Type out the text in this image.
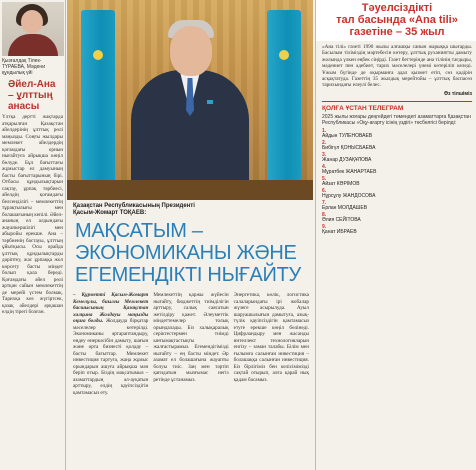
Қызғалдақ Тілек-ТҮРАЕВА, Мәдени құндылық үйі
Әйел-Ана – ұлттың анасы
Үлтқа дертті жақтарда атқарылған Қазақстан әйелдерінің ұлттық рөлі маңызды. Соңғы жылдары мемлекет әйелдердің қоғамдағы орнын нығайтуға айрықша көңіл бөлуде. Бұл бағыттағы жұмыстар ел дамуының басты бағыттарының бірі. Отбасы құндылықтарын сақтау, ұрпақ тәрбиесі, әйелдің қоғамдағы белсенділігі – мемлекеттің тұрақтылығы мен болашағының кепілі. Әйел-ананың ел алдындағы жауапкершілігі мен абыройы ерекше. Ана – тәрбиенің бастауы, ұлттың ұйытқысы. Осы орайда ұлттық құндылықтарды дәріптеу, жас ұрпаққа жол көрсету басты міндет болып қала береді. Қоғамдағы әйел рөлі артқан сайын мемлекеттің де мерейі үстем болмақ. Тарихқа көз жүгіртсек, қазақ әйелдері әрқашан елдің тірегі болған.
Қазақстан Республикасының Президенті
Қасым-Жомарт ТОҚАЕВ:
МАҚСАТЫМ – ЭКОНОМИКАНЫ ЖӘНЕ ЕГЕМЕНДІКТІ НЫҒАЙТУ
– Құрметті Қасым-Жомарт Кемелұлы, биылғы Мемлекет басшысының Қазақстан халқына Жолдауы маңызды оқиға болды. Жолдауда бірқатар мәселелер көтерілді. Экономиканы әртараптандыру, өңдеу өнеркәсібін дамыту, шағын және орта бизнесті қолдау – басты бағыттар. Мемлекет инвестиция тартуға, жаңа жұмыс орындарын ашуға айрықша мән беріп отыр. Біздің мақсатымыз – азаматтардың әл-ауқатын арттыру, елдің қауіпсіздігін қамтамасыз ету.
Мемлекеттің қаржы жүйесін нығайту, бюджеттің тиімділігін арттыру, салық саясатын жетілдіру қажет. Әлеуметтік міндеттемелер толық орындалады. Біз халықаралық серіктестермен тиімді ынтымақтастықты жалғастырамыз. Егемендігімізді нығайту – ең басты міндет. Әр азамат ел болашағына жауапты болуы тиіс. Заң мен тәртіп қағидатын мызғымас негіз ретінде ұстанамыз.
Энергетика, көлік, логистика салаларындағы ірі жобалар жүзеге асырылуда. Ауыл шаруашылығын дамытуға, азық-түлік қауіпсіздігін қамтамасыз етуге ерекше көңіл бөлінеді. Цифрландыру мен жасанды интеллект технологияларын енгізу – заман талабы. Білім мен ғылымға салынған инвестиция – болашаққа салынған инвестиция. Біз бірлігіміз бен келісімімізді сақтай отырып, алға қарай нық қадам басамыз.
Тәуелсіздікті
тал басында «Ana tili»
газетіне – 35 жыл
«Ана тілі» газеті 1990 жылы алғашқы санын жарыққа шығарды. Басылым тіліміздің мәртебесін көтеру, ұлттық руханиятты дамыту жолында үлкен еңбек сіңірді. Газет беттерінде ана тілінің тағдыры, мәдениет пен әдебиет, тарих мәселелері үнемі көтеріліп келеді. Ұжым бүгінде де оқырманға адал қызмет етіп, сөз қадірін асқақтатуда. Газеттің 35 жылдық мерейтойы – ұлттық баспасөз тарихындағы елеулі белес.
Өз тілшіміз
ҚОЛҒА ҰСТАН ТЕЛЕГРАМ
2025 жылы жоғары деңгейдегі төмендегі азаматтарға Қазақстан Республикасы «Оқу-ағарту ісінің үздігі» төсбелгісі берілді:
1.
Айдын ТУЛЕНОВАЕВ
2.
Бибігүл ҚОНЫСБАЕВА
3.
Жанар ДУЗАҚҰЛОВА
4.
Мұратбек ЖАНАРТАЕВ
5.
Айзат КӘРІМОВ
6.
Нұрсұлу ЖАНДОСОВА
7.
Ерлан МОЛДАШЕВ
8.
Әлия СЕЙІТОВА
9.
Қанат ИБРАЕВ
